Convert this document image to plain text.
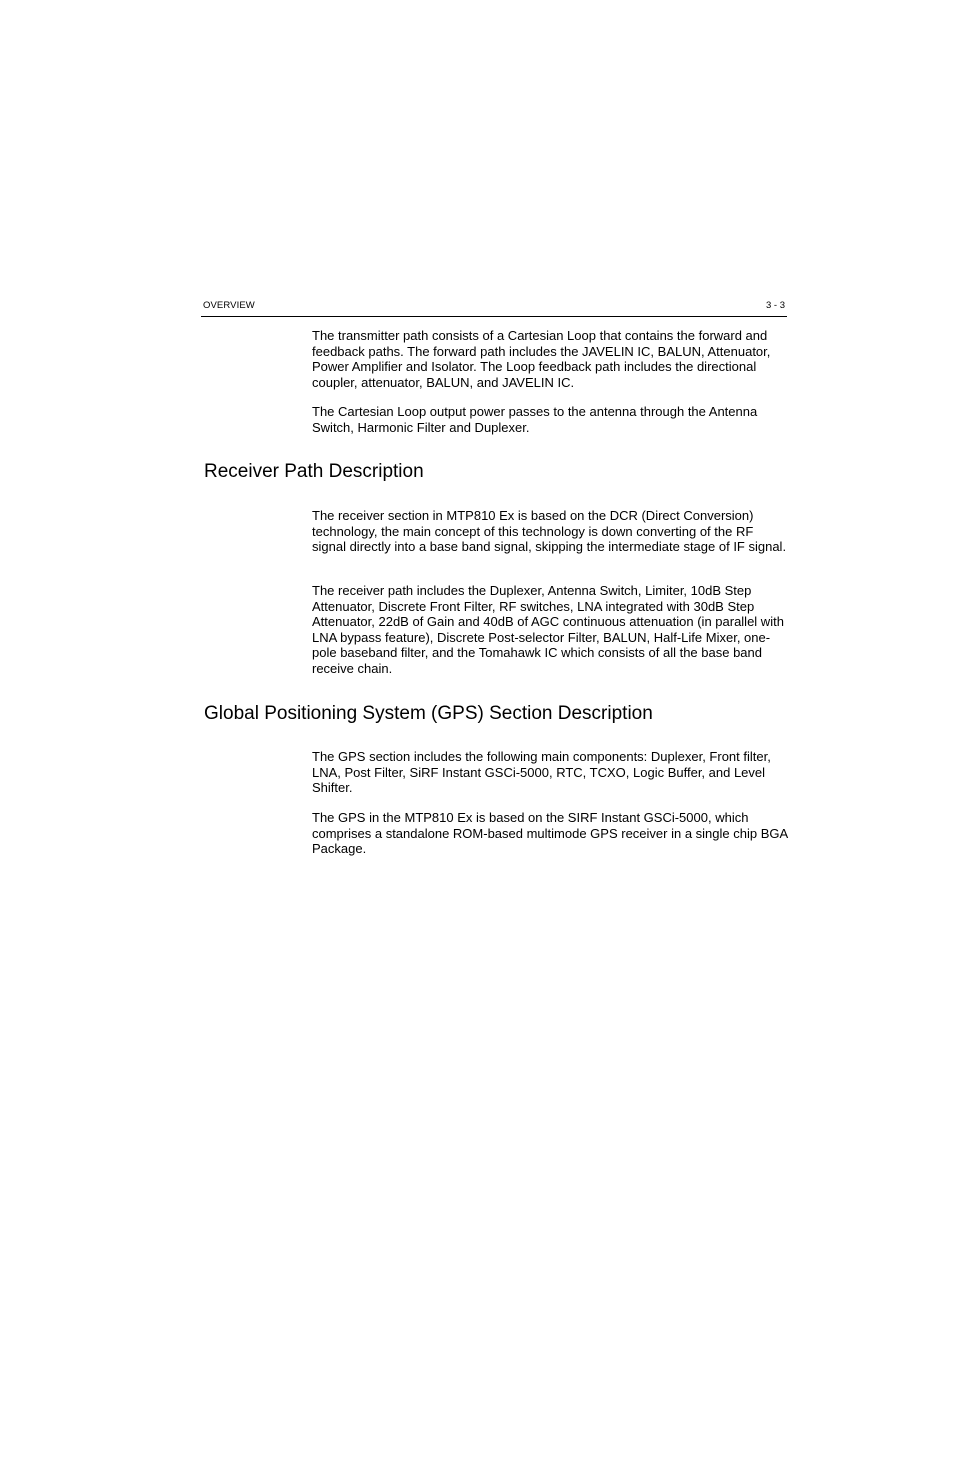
OVERVIEW	3 - 3

The transmitter path consists of a Cartesian Loop that contains the forward and feedback paths. The forward path includes the JAVELIN IC, BALUN, Attenuator, Power Amplifier and Isolator. The Loop feedback path includes the directional coupler, attenuator, BALUN, and JAVELIN IC.

The Cartesian Loop output power passes to the antenna through the Antenna Switch, Harmonic Filter and Duplexer.

Receiver Path Description

The receiver section in MTP810 Ex is based on the DCR (Direct Conversion) technology, the main concept of this technology is down converting of the RF signal directly into a base band signal, skipping the intermediate stage of IF signal.

The receiver path includes the Duplexer, Antenna Switch, Limiter, 10dB Step Attenuator, Discrete Front Filter, RF switches, LNA integrated with 30dB Step Attenuator, 22dB of Gain and 40dB of AGC continuous attenuation (in parallel with LNA bypass feature), Discrete Post-selector Filter, BALUN, Half-Life Mixer, one-pole baseband filter, and the Tomahawk IC which consists of all the base band receive chain.

Global Positioning System (GPS) Section Description

The GPS section includes the following main components: Duplexer, Front filter, LNA, Post Filter, SiRF Instant GSCi-5000, RTC, TCXO, Logic Buffer, and Level Shifter.

The GPS in the MTP810 Ex is based on the SIRF Instant GSCi-5000, which comprises a standalone ROM-based multimode GPS receiver in a single chip BGA Package.
